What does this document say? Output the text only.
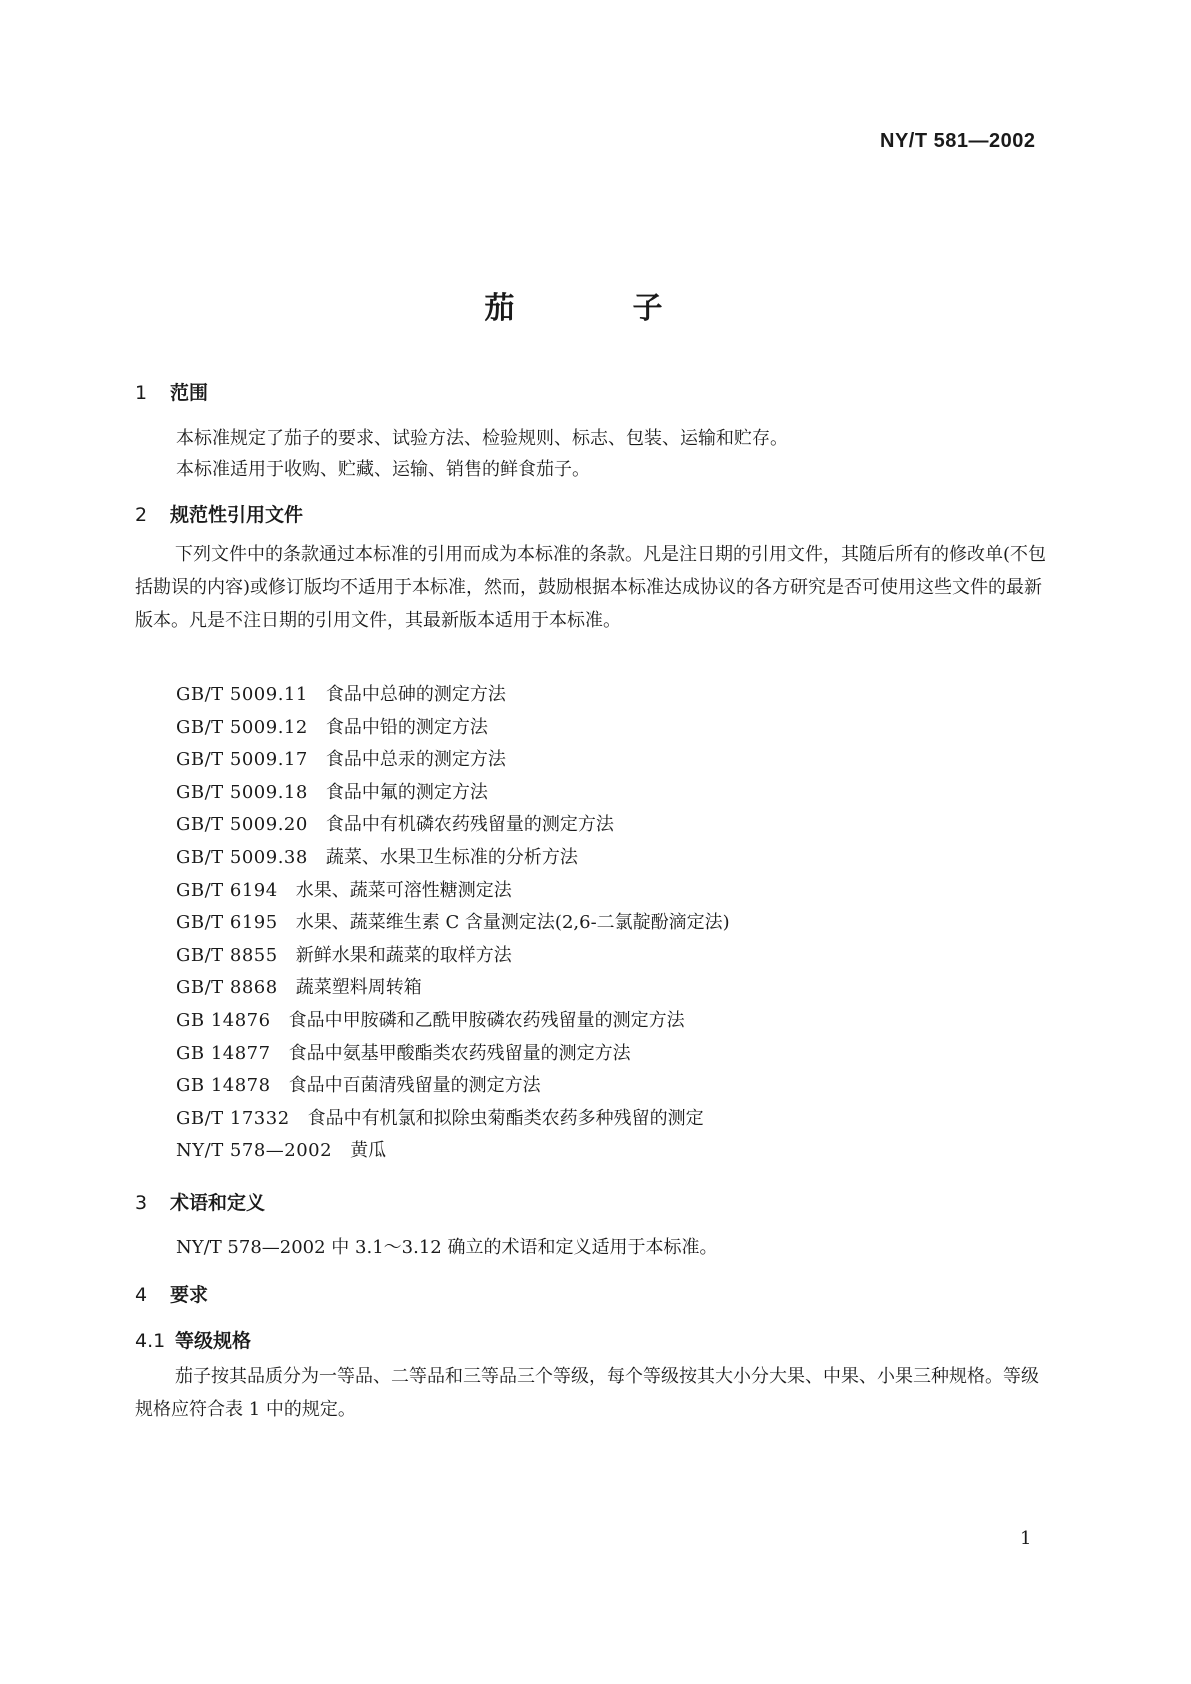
NY/T 581—2002
茄　子
1 范围
本标准规定了茄子的要求、试验方法、检验规则、标志、包装、运输和贮存。
本标准适用于收购、贮藏、运输、销售的鲜食茄子。
2 规范性引用文件
下列文件中的条款通过本标准的引用而成为本标准的条款。凡是注日期的引用文件，其随后所有的修改单(不包括勘误的内容)或修订版均不适用于本标准，然而，鼓励根据本标准达成协议的各方研究是否可使用这些文件的最新版本。凡是不注日期的引用文件，其最新版本适用于本标准。
GB/T 5009.11 食品中总砷的测定方法
GB/T 5009.12 食品中铅的测定方法
GB/T 5009.17 食品中总汞的测定方法
GB/T 5009.18 食品中氟的测定方法
GB/T 5009.20 食品中有机磷农药残留量的测定方法
GB/T 5009.38 蔬菜、水果卫生标准的分析方法
GB/T 6194 水果、蔬菜可溶性糖测定法
GB/T 6195 水果、蔬菜维生素 C 含量测定法(2,6-二氯靛酚滴定法)
GB/T 8855 新鲜水果和蔬菜的取样方法
GB/T 8868 蔬菜塑料周转箱
GB 14876 食品中甲胺磷和乙酰甲胺磷农药残留量的测定方法
GB 14877 食品中氨基甲酸酯类农药残留量的测定方法
GB 14878 食品中百菌清残留量的测定方法
GB/T 17332 食品中有机氯和拟除虫菊酯类农药多种残留的测定
NY/T 578—2002 黄瓜
3 术语和定义
NY/T 578—2002 中 3.1～3.12 确立的术语和定义适用于本标准。
4 要求
4.1 等级规格
茄子按其品质分为一等品、二等品和三等品三个等级，每个等级按其大小分大果、中果、小果三种规格。等级规格应符合表 1 中的规定。
1
